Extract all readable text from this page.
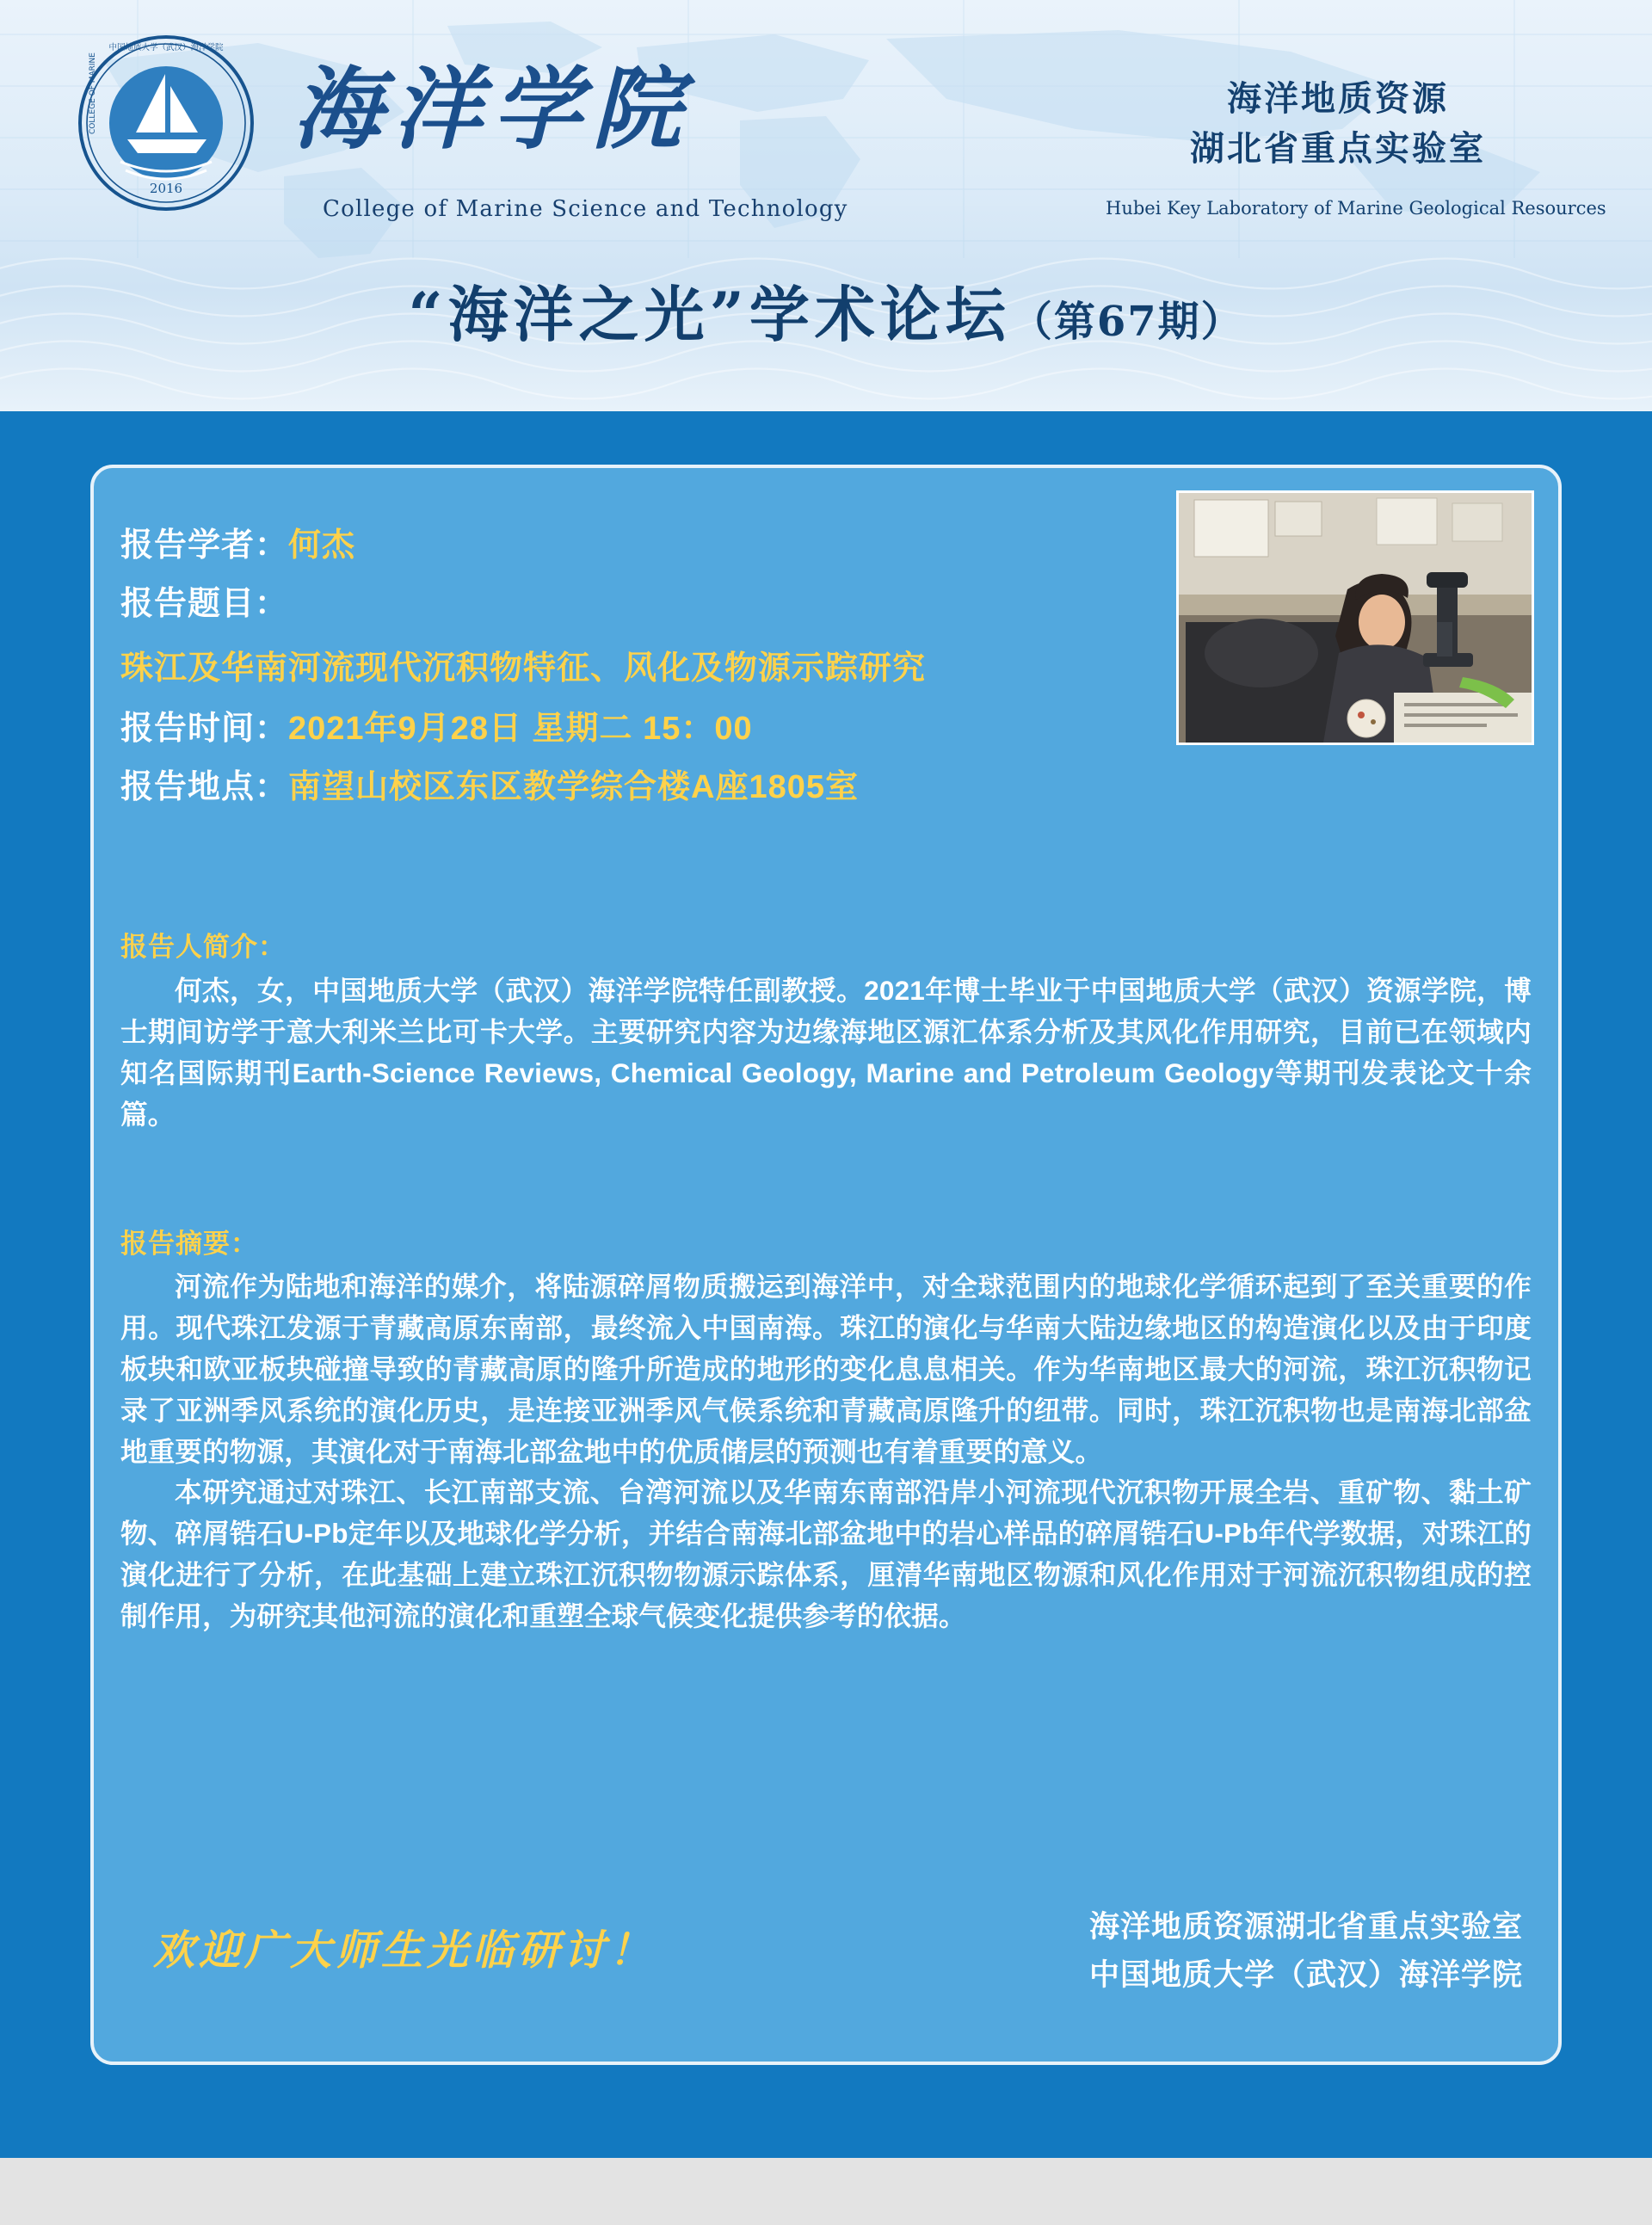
2016
中国地质大学（武汉）海洋学院
COLLEGE OF MARINE 海洋学院
College of Marine Science and Technology
海洋地质资源
湖北省重点实验室
Hubei Key Laboratory of Marine Geological Resources
“海洋之光”学术论坛（第67期）
报告学者：何杰
报告题目：
珠江及华南河流现代沉积物特征、风化及物源示踪研究
报告时间：2021年9月28日 星期二 15：00
报告地点：南望山校区东区教学综合楼A座1805室
报告人简介：
何杰，女，中国地质大学（武汉）海洋学院特任副教授。2021年博士毕业于中国地质大学（武汉）资源学院，博士期间访学于意大利米兰比可卡大学。主要研究内容为边缘海地区源汇体系分析及其风化作用研究，目前已在领域内知名国际期刊Earth-Science Reviews, Chemical Geology, Marine and Petroleum Geology等期刊发表论文十余篇。
报告摘要：
河流作为陆地和海洋的媒介，将陆源碎屑物质搬运到海洋中，对全球范围内的地球化学循环起到了至关重要的作用。现代珠江发源于青藏高原东南部，最终流入中国南海。珠江的演化与华南大陆边缘地区的构造演化以及由于印度板块和欧亚板块碰撞导致的青藏高原的隆升所造成的地形的变化息息相关。作为华南地区最大的河流，珠江沉积物记录了亚洲季风系统的演化历史，是连接亚洲季风气候系统和青藏高原隆升的纽带。同时，珠江沉积物也是南海北部盆地重要的物源，其演化对于南海北部盆地中的优质储层的预测也有着重要的意义。
本研究通过对珠江、长江南部支流、台湾河流以及华南东南部沿岸小河流现代沉积物开展全岩、重矿物、黏土矿物、碎屑锆石U-Pb定年以及地球化学分析，并结合南海北部盆地中的岩心样品的碎屑锆石U-Pb年代学数据，对珠江的演化进行了分析，在此基础上建立珠江沉积物物源示踪体系，厘清华南地区物源和风化作用对于河流沉积物组成的控制作用，为研究其他河流的演化和重塑全球气候变化提供参考的依据。
欢迎广大师生光临研讨！	海洋地质资源湖北省重点实验室
中国地质大学（武汉）海洋学院
